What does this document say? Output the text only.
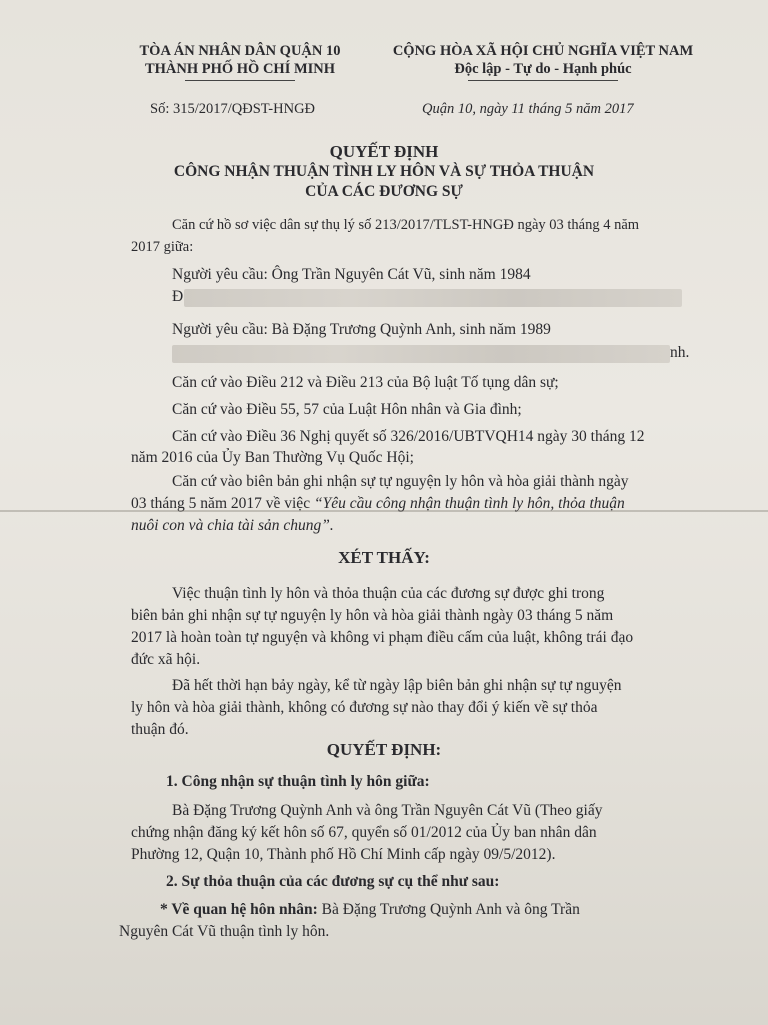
TÒA ÁN NHÂN DÂN QUẬN 10
THÀNH PHỐ HỒ CHÍ MINH
CỘNG HÒA XÃ HỘI CHỦ NGHĨA VIỆT NAM
Độc lập - Tự do - Hạnh phúc
Số: 315/2017/QĐST-HNGĐ	Quận 10, ngày 11 tháng 5 năm 2017
QUYẾT ĐỊNH
CÔNG NHẬN THUẬN TÌNH LY HÔN VÀ SỰ THỎA THUẬN
CỦA CÁC ĐƯƠNG SỰ
Căn cứ hồ sơ việc dân sự thụ lý số 213/2017/TLST-HNGĐ ngày 03 tháng 4 năm
2017 giữa:
Người yêu cầu: Ông Trần Nguyên Cát Vũ, sinh năm 1984
Đ
Người yêu cầu: Bà Đặng Trương Quỳnh Anh, sinh năm 1989
nh.
Căn cứ vào Điều 212 và Điều 213 của Bộ luật Tố tụng dân sự;
Căn cứ vào Điều 55, 57 của Luật Hôn nhân và Gia đình;
Căn cứ vào Điều 36 Nghị quyết số 326/2016/UBTVQH14 ngày 30 tháng 12
năm 2016 của Ủy Ban Thường Vụ Quốc Hội;
Căn cứ vào biên bản ghi nhận sự tự nguyện ly hôn và hòa giải thành ngày
03 tháng 5 năm 2017 về việc “Yêu cầu công nhận thuận tình ly hôn, thỏa thuận
nuôi con và chia tài sản chung”.
XÉT THẤY:
Việc thuận tình ly hôn và thỏa thuận của các đương sự được ghi trong
biên bản ghi nhận sự tự nguyện ly hôn và hòa giải thành ngày 03 tháng 5 năm
2017 là hoàn toàn tự nguyện và không vi phạm điều cấm của luật, không trái đạo
đức xã hội.
Đã hết thời hạn bảy ngày, kể từ ngày lập biên bản ghi nhận sự tự nguyện
ly hôn và hòa giải thành, không có đương sự nào thay đổi ý kiến về sự thỏa
thuận đó.
QUYẾT ĐỊNH:
1. Công nhận sự thuận tình ly hôn giữa:
Bà Đặng Trương Quỳnh Anh và ông Trần Nguyên Cát Vũ (Theo giấy
chứng nhận đăng ký kết hôn số 67, quyển số 01/2012 của Ủy ban nhân dân
Phường 12, Quận 10, Thành phố Hồ Chí Minh cấp ngày 09/5/2012).
2. Sự thỏa thuận của các đương sự cụ thể như sau:
* Về quan hệ hôn nhân: Bà Đặng Trương Quỳnh Anh và ông Trần
Nguyên Cát Vũ thuận tình ly hôn.
